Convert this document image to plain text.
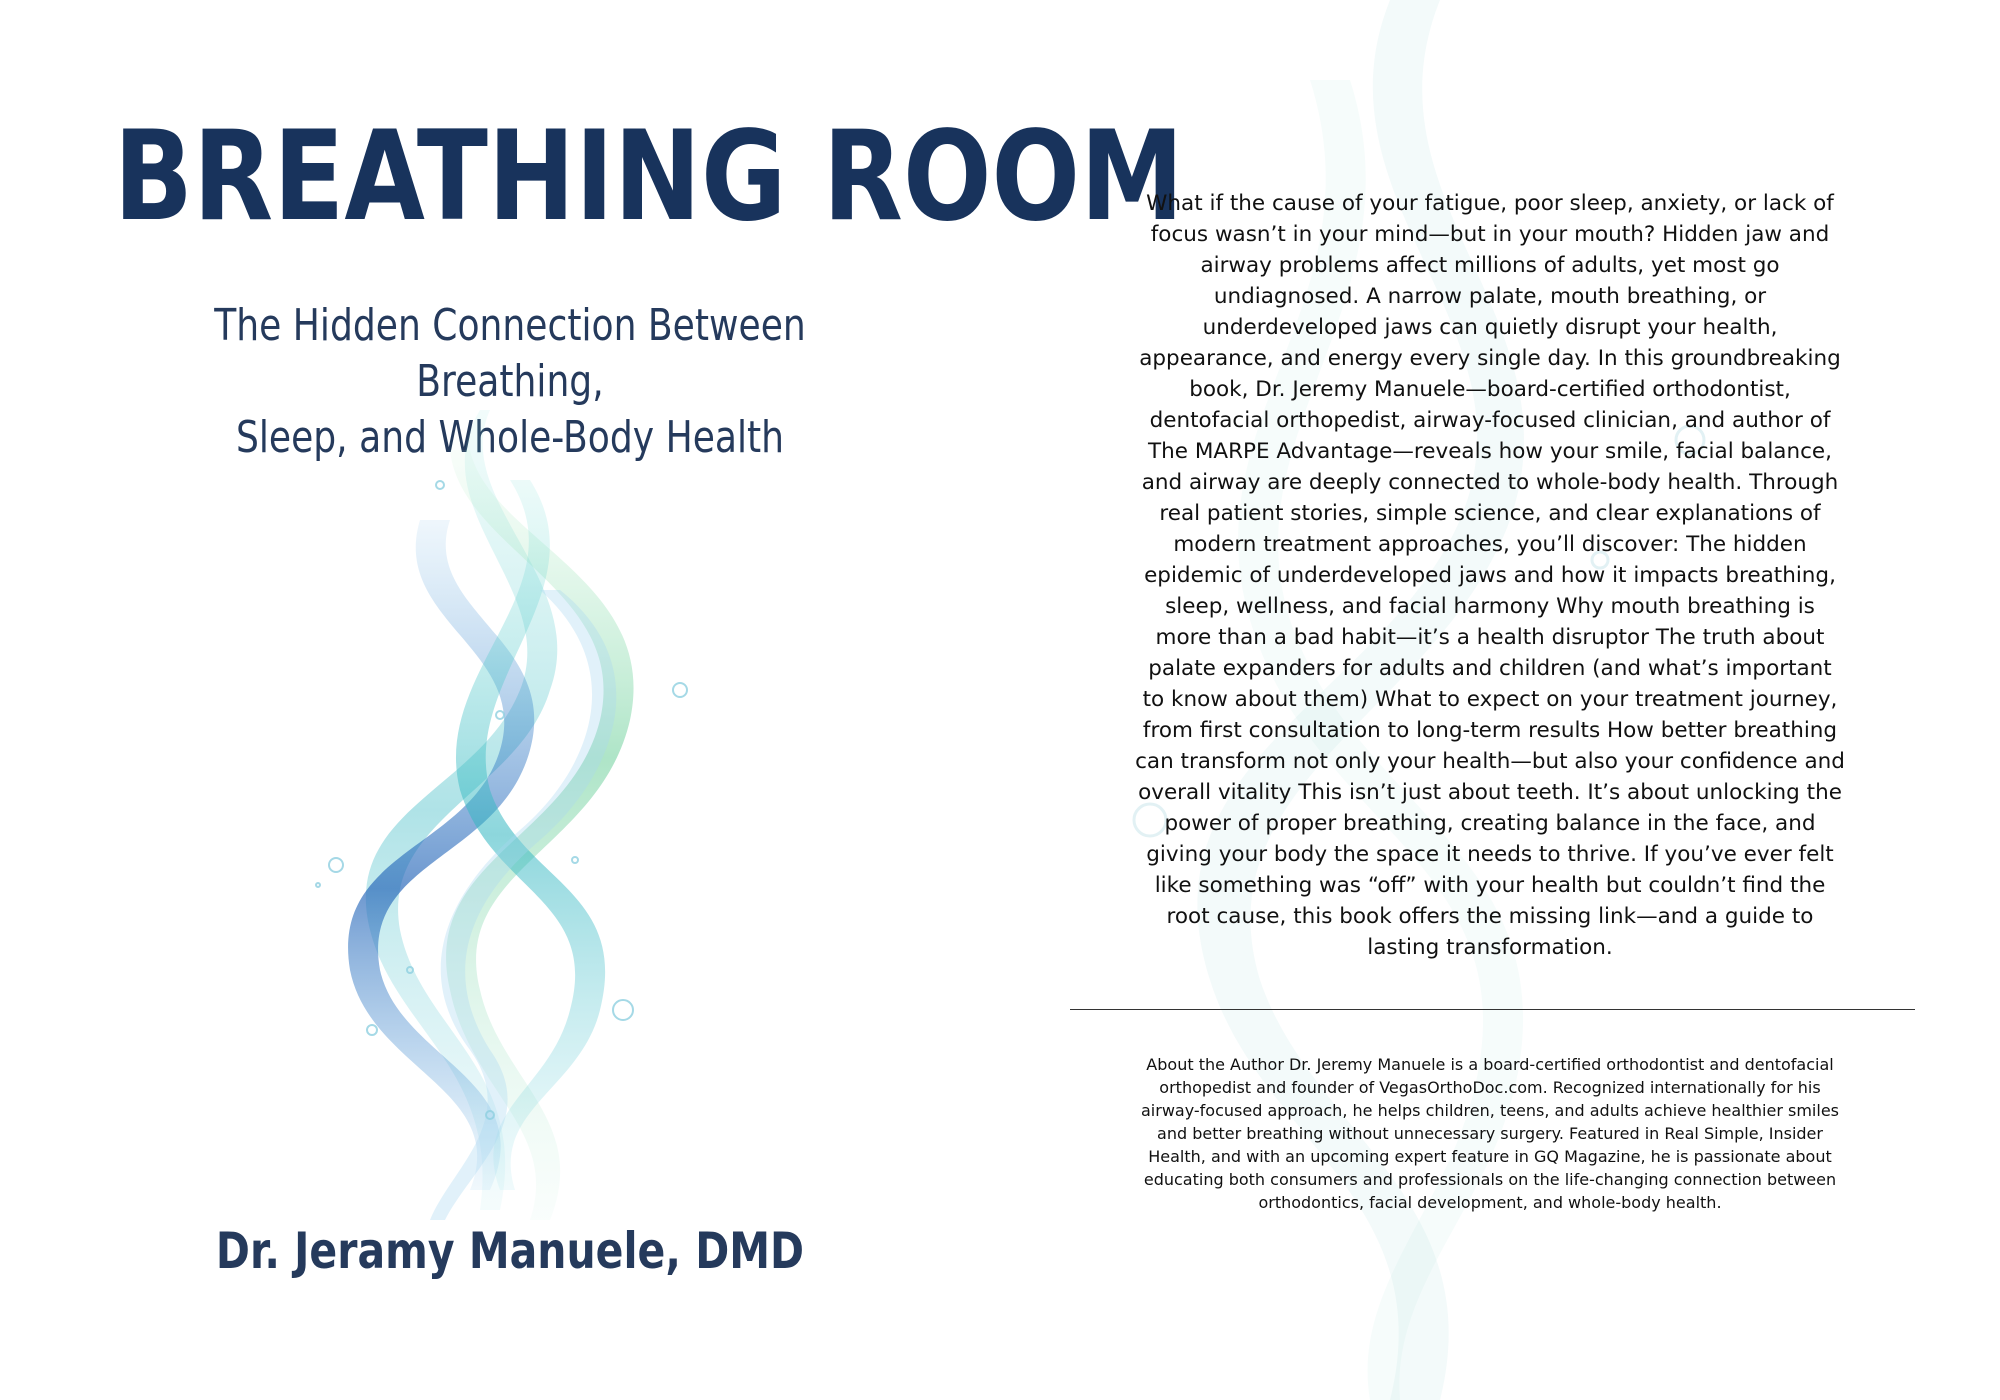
BREATHING ROOM
The Hidden Connection Between Breathing,
Sleep, and Whole-Body Health
Dr. Jeramy Manuele, DMD
What if the cause of your fatigue, poor sleep, anxiety, or lack of focus wasn’t in your mind—but in your mouth? Hidden jaw and airway problems affect millions of adults, yet most go undiagnosed. A narrow palate, mouth breathing, or underdeveloped jaws can quietly disrupt your health, appearance, and energy every single day. In this groundbreaking book, Dr. Jeremy Manuele—board-certified orthodontist, dentofacial orthopedist, airway-focused clinician, and author of The MARPE Advantage—reveals how your smile, facial balance, and airway are deeply connected to whole-body health. Through real patient stories, simple science, and clear explanations of modern treatment approaches, you’ll discover: The hidden epidemic of underdeveloped jaws and how it impacts breathing, sleep, wellness, and facial harmony Why mouth breathing is more than a bad habit—it’s a health disruptor The truth about palate expanders for adults and children (and what’s important to know about them) What to expect on your treatment journey, from first consultation to long-term results How better breathing can transform not only your health—but also your confidence and overall vitality This isn’t just about teeth. It’s about unlocking the power of proper breathing, creating balance in the face, and giving your body the space it needs to thrive. If you’ve ever felt like something was “off” with your health but couldn’t find the root cause, this book offers the missing link—and a guide to lasting transformation.
About the Author Dr. Jeremy Manuele is a board-certified orthodontist and dentofacial orthopedist and founder of VegasOrthoDoc.com. Recognized internationally for his airway-focused approach, he helps children, teens, and adults achieve healthier smiles and better breathing without unnecessary surgery. Featured in Real Simple, Insider Health, and with an upcoming expert feature in GQ Magazine, he is passionate about educating both consumers and professionals on the life-changing connection between orthodontics, facial development, and whole-body health.
